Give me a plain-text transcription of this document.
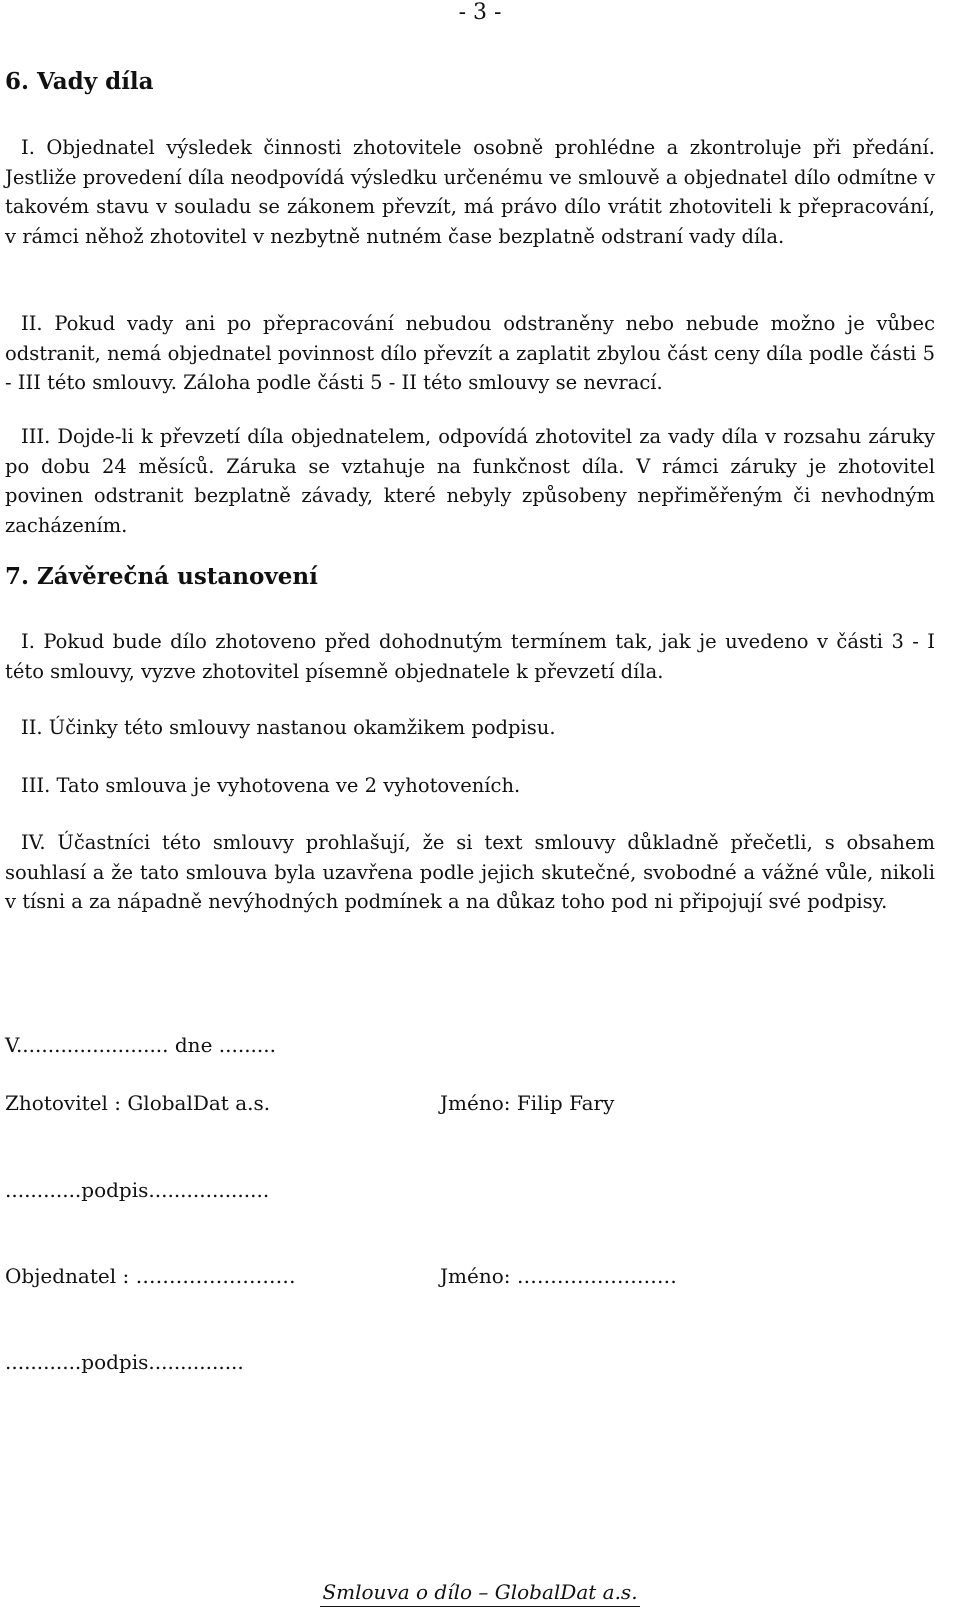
- 3 -
6. Vady díla

I. Objednatel výsledek činnosti zhotovitele osobně prohlédne a zkontroluje při předání. Jestliže provedení díla neodpovídá výsledku určenému ve smlouvě a objednatel dílo odmítne v takovém stavu v souladu se zákonem převzít, má právo dílo vrátit zhotoviteli k přepracování, v rámci něhož zhotovitel v nezbytně nutném čase bezplatně odstraní vady díla.

II. Pokud vady ani po přepracování nebudou odstraněny nebo nebude možno je vůbec odstranit, nemá objednatel povinnost dílo převzít a zaplatit zbylou část ceny díla podle části 5 - III této smlouvy. Záloha podle části 5 - II této smlouvy se nevrací.

III. Dojde-li k převzetí díla objednatelem, odpovídá zhotovitel za vady díla v rozsahu záruky po dobu 24 měsíců. Záruka se vztahuje na funkčnost díla. V rámci záruky je zhotovitel povinen odstranit bezplatně závady, které nebyly způsobeny nepřiměřeným či nevhodným zacházením.

7. Závěrečná ustanovení

I. Pokud bude dílo zhotoveno před dohodnutým termínem tak, jak je uvedeno v části 3 - I této smlouvy, vyzve zhotovitel písemně objednatele k převzetí díla.

II. Účinky této smlouvy nastanou okamžikem podpisu.

III. Tato smlouva je vyhotovena ve 2 vyhotoveních.

IV. Účastníci této smlouvy prohlašují, že si text smlouvy důkladně přečetli, s obsahem souhlasí a že tato smlouva byla uzavřena podle jejich skutečné, svobodné a vážné vůle, nikoli v tísni a za nápadně nevýhodných podmínek a na důkaz toho pod ni připojují své podpisy.

V........................ dne .........
Zhotovitel : GlobalDat a.s.	Jméno: Filip Fary
............podpis...................
Objednatel : ……………………	Jméno: ……………………
............podpis...............
Smlouva o dílo – GlobalDat a.s.
